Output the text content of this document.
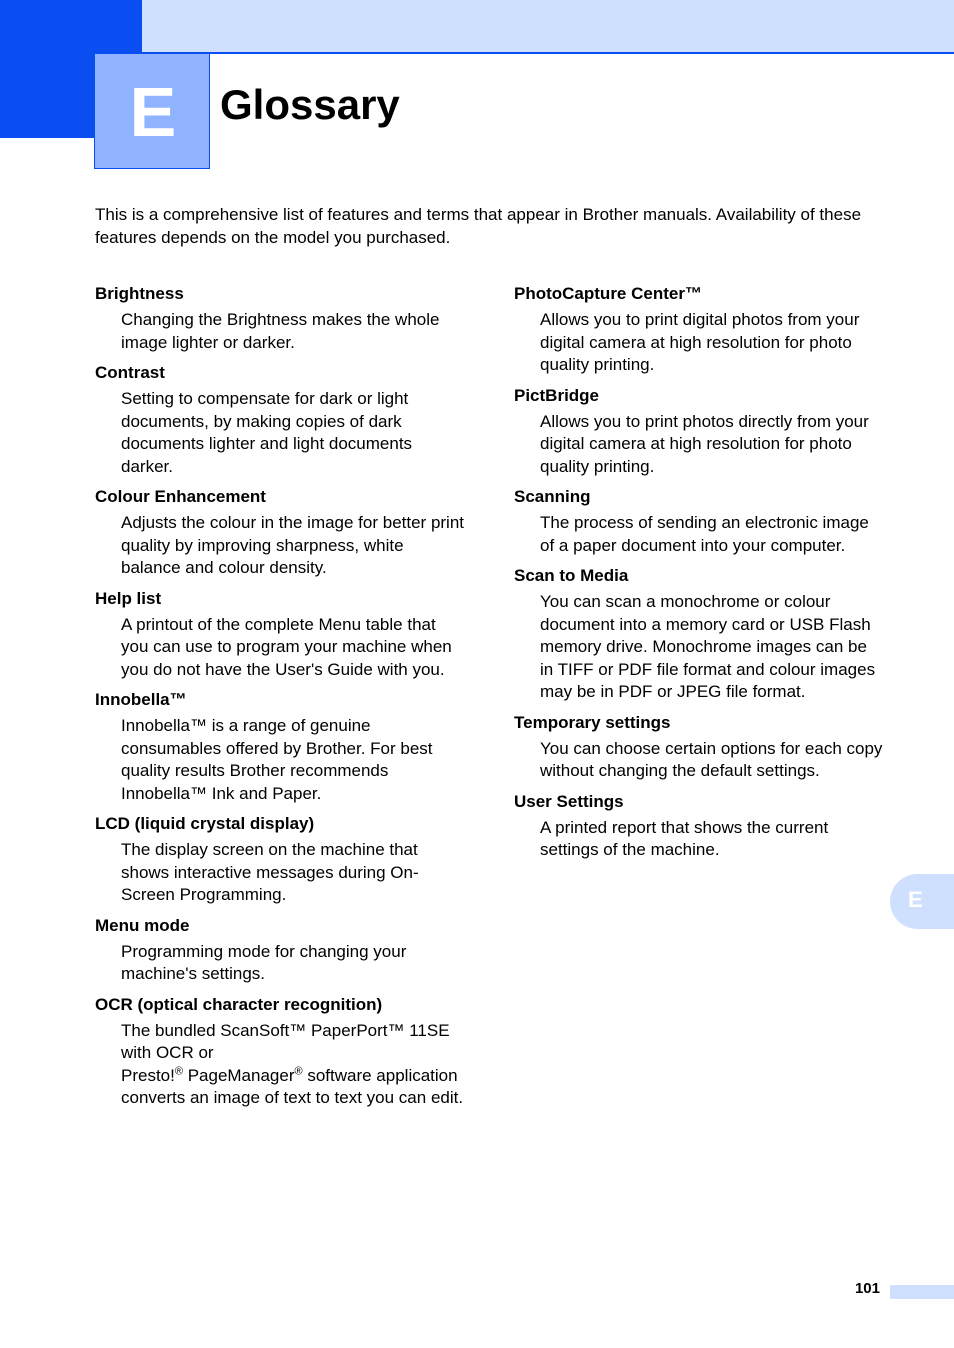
E	Glossary

This is a comprehensive list of features and terms that appear in Brother manuals. Availability of these features depends on the model you purchased.

Brightness

Changing the Brightness makes the whole image lighter or darker.

Contrast

Setting to compensate for dark or light documents, by making copies of dark documents lighter and light documents darker.

Colour Enhancement

Adjusts the colour in the image for better print quality by improving sharpness, white balance and colour density.

Help list

A printout of the complete Menu table that you can use to program your machine when you do not have the User's Guide with you.

Innobella™

Innobella™ is a range of genuine consumables offered by Brother. For best quality results Brother recommends Innobella™ Ink and Paper.

LCD (liquid crystal display)

The display screen on the machine that shows interactive messages during On-Screen Programming.

Menu mode

Programming mode for changing your machine's settings.

OCR (optical character recognition)

The bundled ScanSoft™ PaperPort™ 11SE with OCR or
Presto!® PageManager® software application converts an image of text to text you can edit.

PhotoCapture Center™

Allows you to print digital photos from your digital camera at high resolution for photo quality printing.

PictBridge

Allows you to print photos directly from your digital camera at high resolution for photo quality printing.

Scanning

The process of sending an electronic image of a paper document into your computer.

Scan to Media

You can scan a monochrome or colour document into a memory card or USB Flash memory drive. Monochrome images can be in TIFF or PDF file format and colour images may be in PDF or JPEG file format.

Temporary settings

You can choose certain options for each copy without changing the default settings.

User Settings

A printed report that shows the current settings of the machine.

E
101
